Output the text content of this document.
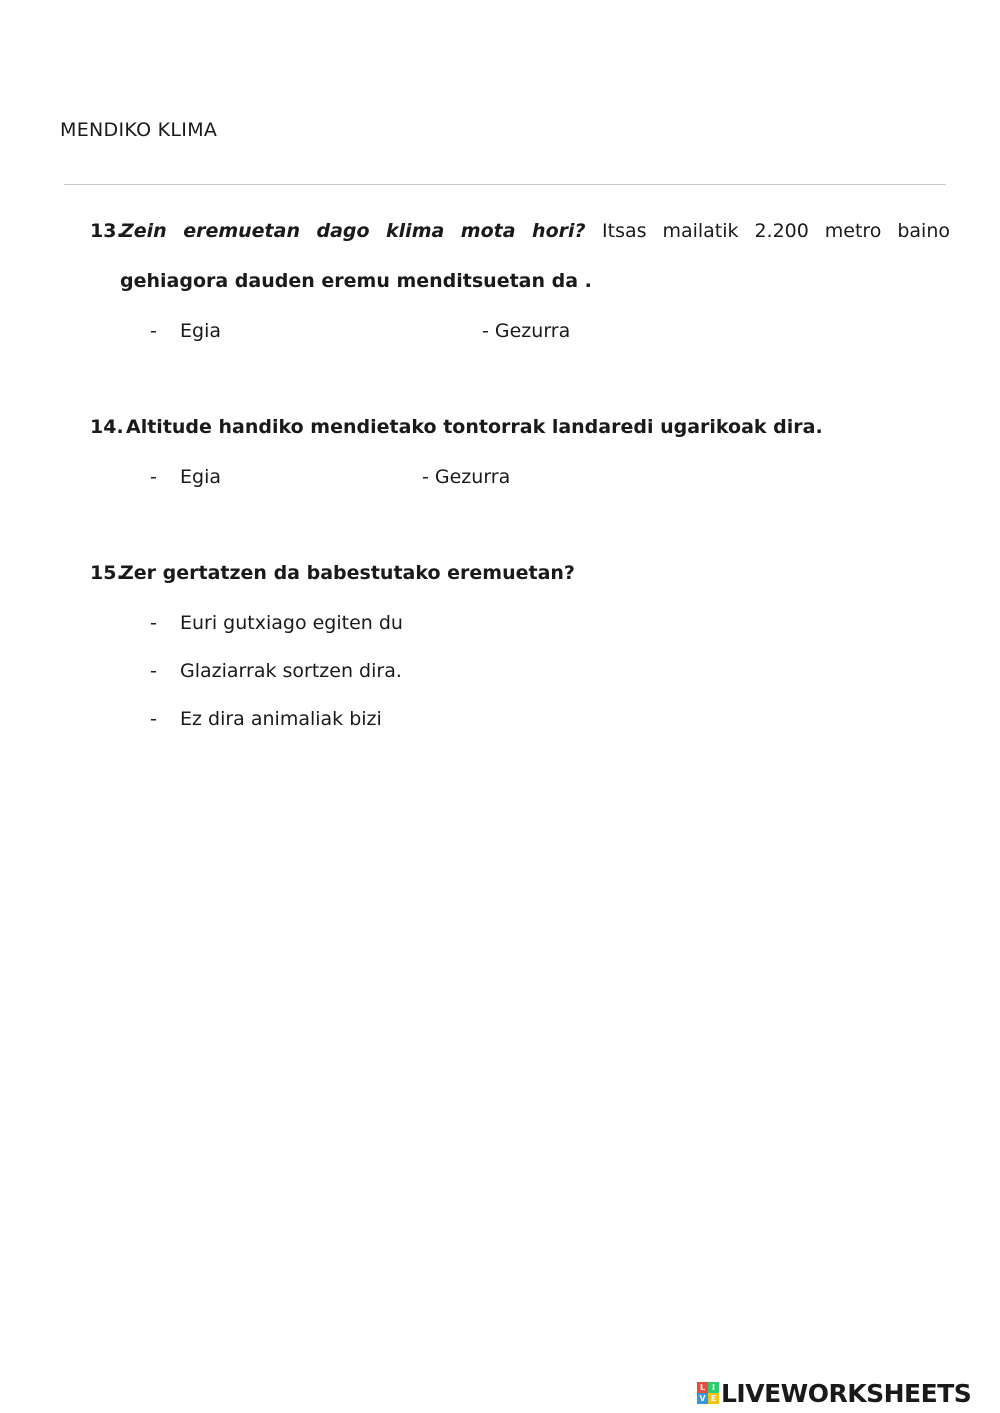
MENDIKO KLIMA
13.Zein eremuetan dago klima mota hori? Itsas mailatik 2.200 metro baino
gehiagora dauden eremu menditsuetan da .
- Egia	- Gezurra
14. Altitude handiko mendietako tontorrak landaredi ugarikoak dira.
- Egia	- Gezurra
15.Zer gertatzen da babestutako eremuetan?
- Euri gutxiago egiten du
- Glaziarrak sortzen dira.
- Ez dira animaliak bizi
L I
V E LIVEWORKSHEETS
